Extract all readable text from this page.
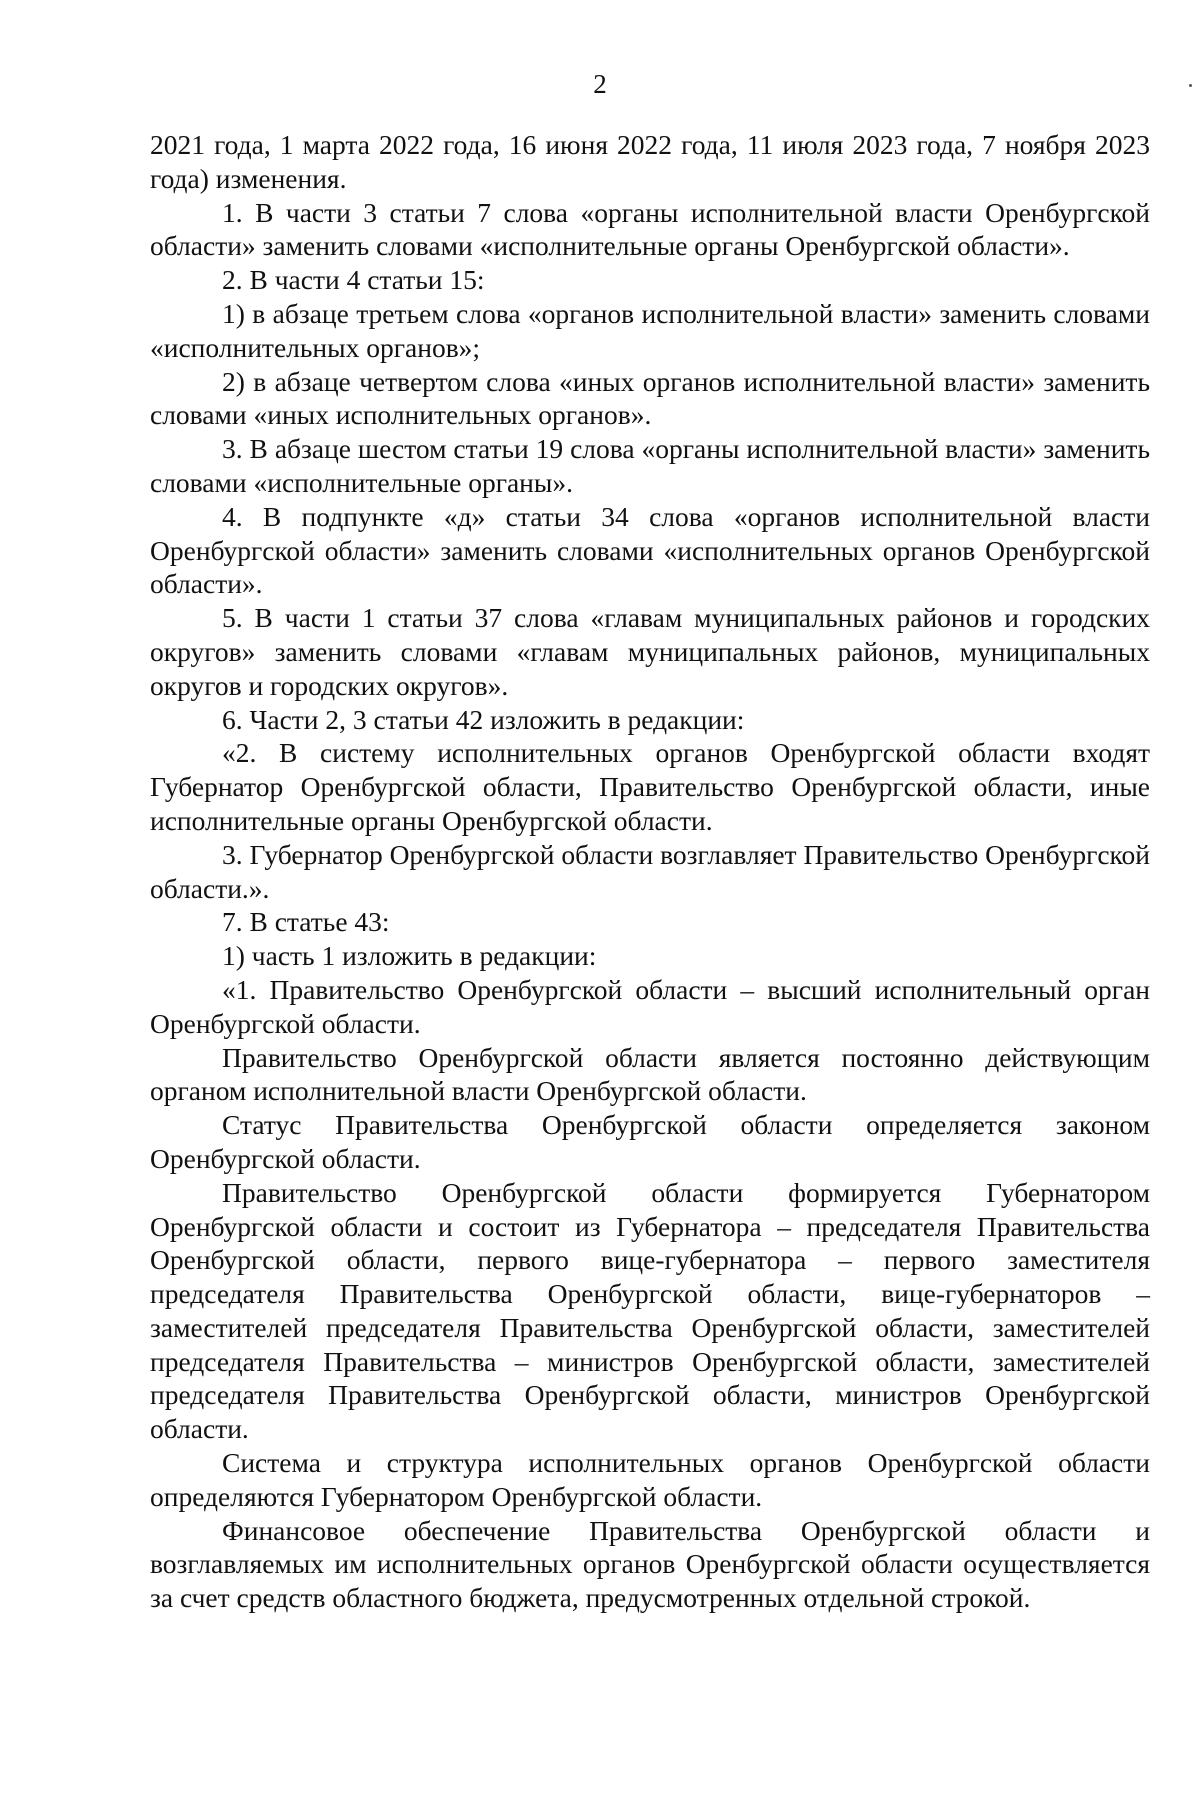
2

2021 года, 1 марта 2022 года, 16 июня 2022 года, 11 июля 2023 года, 7 ноября 2023 года) изменения.

1. В части 3 статьи 7 слова «органы исполнительной власти Оренбургской области» заменить словами «исполнительные органы Оренбургской области».

2. В части 4 статьи 15:

1) в абзаце третьем слова «органов исполнительной власти» заменить словами «исполнительных органов»;

2) в абзаце четвертом слова «иных органов исполнительной власти» заменить словами «иных исполнительных органов».

3. В абзаце шестом статьи 19 слова «органы исполнительной власти» заменить словами «исполнительные органы».

4. В подпункте «д» статьи 34 слова «органов исполнительной власти Оренбургской области» заменить словами «исполнительных органов Оренбургской области».

5. В части 1 статьи 37 слова «главам муниципальных районов и городских округов» заменить словами «главам муниципальных районов, муниципальных округов и городских округов».

6. Части 2, 3 статьи 42 изложить в редакции:

«2. В систему исполнительных органов Оренбургской области входят Губернатор Оренбургской области, Правительство Оренбургской области, иные исполнительные органы Оренбургской области.

3. Губернатор Оренбургской области возглавляет Правительство Оренбургской области.».

7. В статье 43:

1) часть 1 изложить в редакции:

«1. Правительство Оренбургской области – высший исполнительный орган Оренбургской области.

Правительство Оренбургской области является постоянно действующим органом исполнительной власти Оренбургской области.

Статус Правительства Оренбургской области определяется законом Оренбургской области.

Правительство Оренбургской области формируется Губернатором Оренбургской области и состоит из Губернатора – председателя Правительства Оренбургской области, первого вице-губернатора – первого заместителя председателя Правительства Оренбургской области, вице-губернаторов – заместителей председателя Правительства Оренбургской области, заместителей председателя Правительства – министров Оренбургской области, заместителей председателя Правительства Оренбургской области, министров Оренбургской области.

Система и структура исполнительных органов Оренбургской области определяются Губернатором Оренбургской области.

Финансовое обеспечение Правительства Оренбургской области и возглавляемых им исполнительных органов Оренбургской области осуществляется за счет средств областного бюджета, предусмотренных отдельной строкой.
